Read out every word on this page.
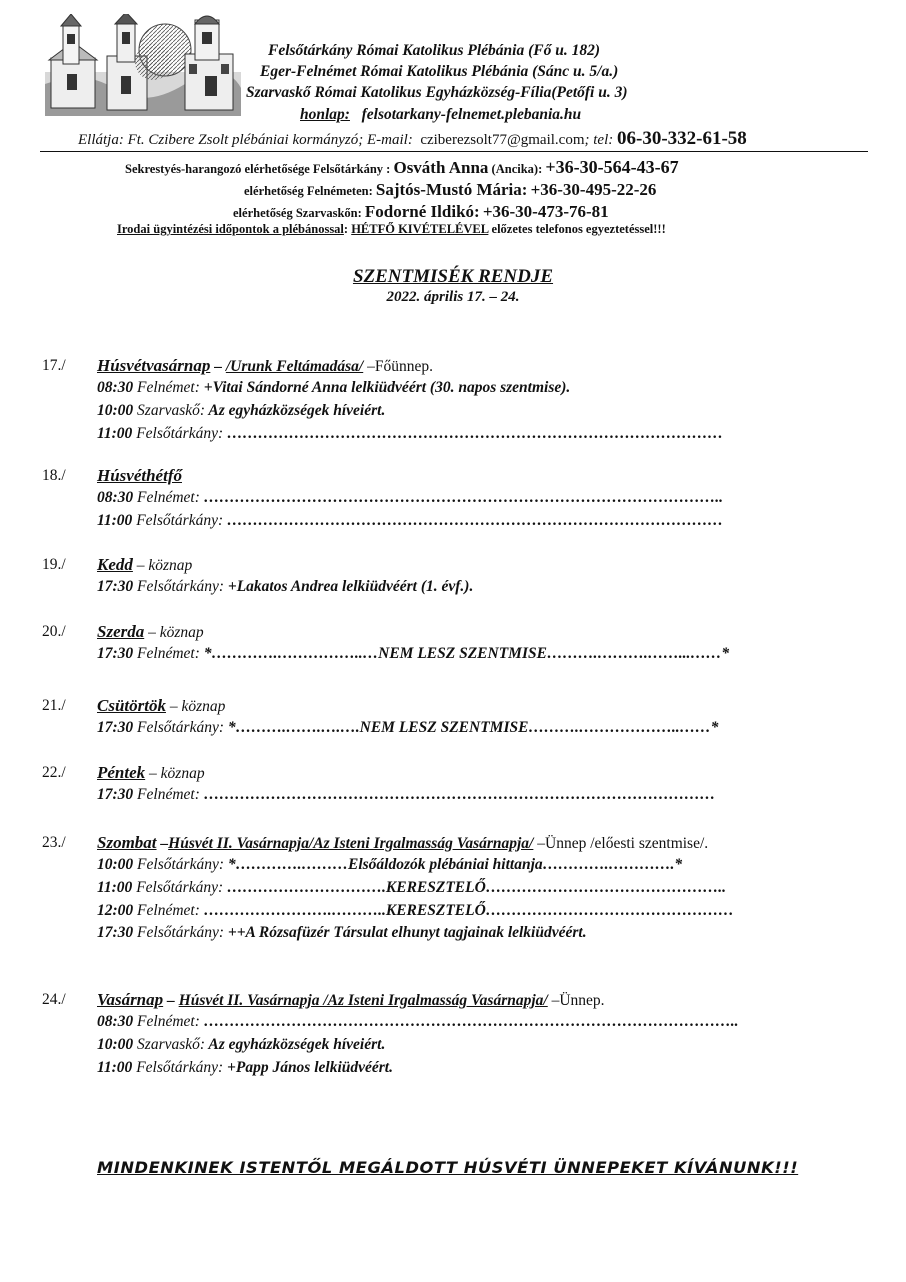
Felsőtárkány Római Katolikus Plébánia (Fő u. 182)
Eger-Felnémet Római Katolikus Plébánia (Sánc u. 5/a.)
Szarvaskő Római Katolikus Egyházközség-Fília(Petőfi u. 3)
honlap: felsotarkany-felnemet.plebania.hu
Ellátja: Ft. Czibere Zsolt plébániai kormányzó; E-mail: cziberezsolt77@gmail.com; tel: 06-30-332-61-58
Sekrestyés-harangozó elérhetősége Felsőtárkány : Osváth Anna (Ancika): +36-30-564-43-67
elérhetőség Felnémeten: Sajtós-Mustó Mária: +36-30-495-22-26
elérhetőség Szarvaskőn: Fodorné Ildikó: +36-30-473-76-81
Irodai ügyintézési időpontok a plébánossal: HÉTFŐ KIVÉTELÉVEL előzetes telefonos egyeztetéssel!!!
SZENTMISÉK RENDJE
2022. április 17. – 24.
17./ Húsvétvasárnap – /Urunk Feltámadása/ –Főünnep.
08:30 Felnémet: +Vitai Sándorné Anna lelkiüdvéért (30. napos szentmise).
10:00 Szarvaskő: Az egyházközségek híveiért.
11:00 Felsőtárkány: ……………………………………………………………………………………
18./ Húsvéthétfő
08:30 Felnémet: ………………………………………………………………………………………..
11:00 Felsőtárkány: ……………………………………………………………………………………
19./ Kedd – köznap
17:30 Felsőtárkány: +Lakatos Andrea lelkiüdvéért (1. évf.).
20./ Szerda – köznap
17:30 Felnémet: *………….……………..…NEM LESZ SZENTMISE……….……….……...……*
21./ Csütörtök – köznap
17:30 Felsőtárkány: *……….…….….….NEM LESZ SZENTMISE……….………………..……*
22./ Péntek – köznap
17:30 Felnémet: ………………………………………………………………………………………
23./ Szombat –Húsvét II. Vasárnapja/Az Isteni Irgalmasság Vasárnapja/ –Ünnep /előesti szentmise/.
10:00 Felsőtárkány: *………….………Elsőáldozók plébániai hittanja………….………….*
11:00 Felsőtárkány: ………………………….KERESZTELŐ………………………………………..
12:00 Felnémet: …………………….………..KERESZTELŐ…………………………………………
17:30 Felsőtárkány: ++A Rózsafüzér Társulat elhunyt tagjainak lelkiüdvéért.
24./ Vasárnap – Húsvét II. Vasárnapja /Az Isteni Irgalmasság Vasárnapja/ –Ünnep.
08:30 Felnémet: …………………………………………………………………………………………..
10:00 Szarvaskő: Az egyházközségek híveiért.
11:00 Felsőtárkány: +Papp János lelkiüdvéért.
MINDENKINEK ISTENTŐL MEGÁLDOTT HÚSVÉTI ÜNNEPEKET KÍVÁNUNK!!!
